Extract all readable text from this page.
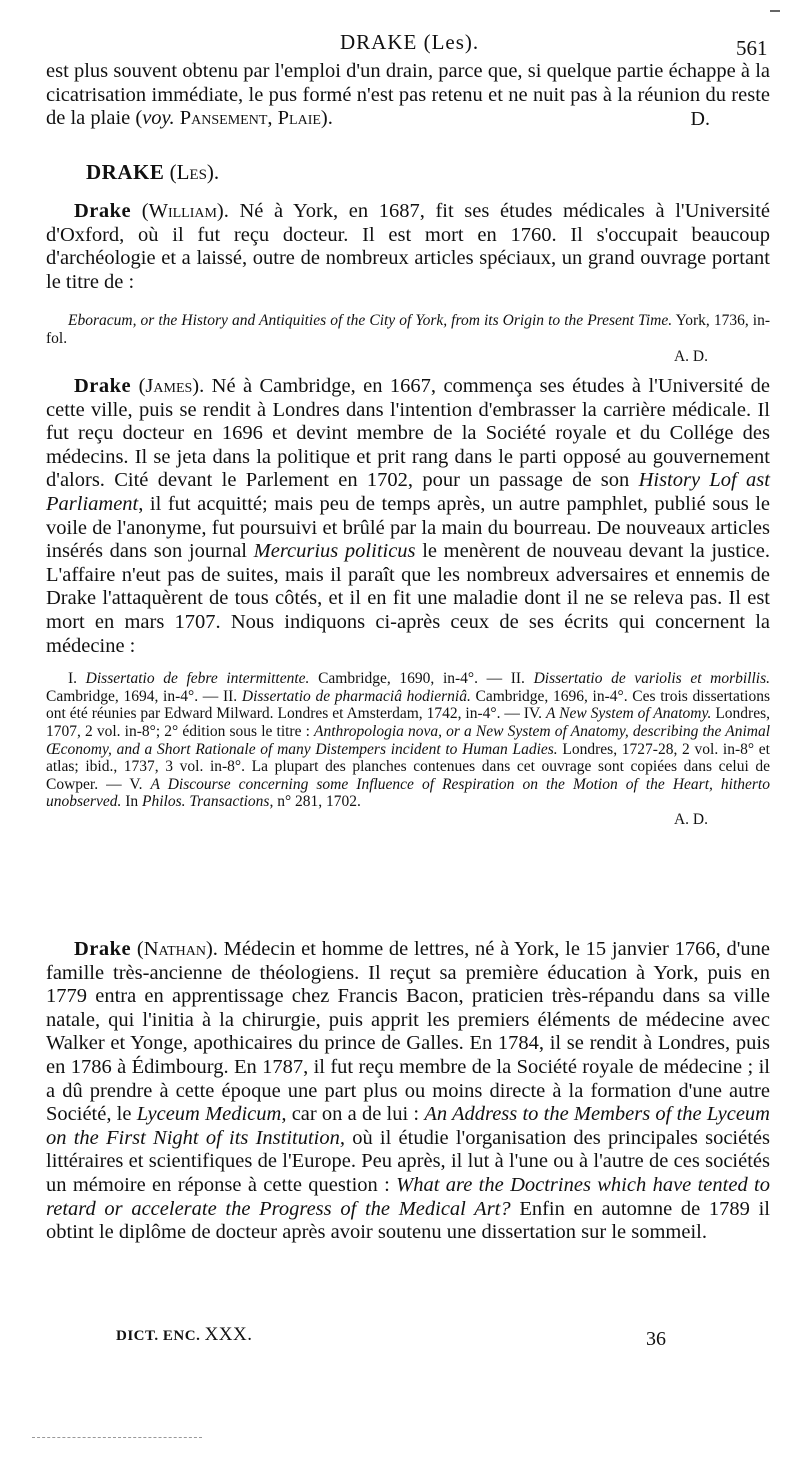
DRAKE (Les).	561

est plus souvent obtenu par l'emploi d'un drain, parce que, si quelque partie échappe à la cicatrisation immédiate, le pus formé n'est pas retenu et ne nuit pas à la réunion du reste de la plaie (voy. Pansement, Plaie).	D.

DRAKE (Les).

Drake (William). Né à York, en 1687, fit ses études médicales à l'Université d'Oxford, où il fut reçu docteur. Il est mort en 1760. Il s'occupait beaucoup d'archéologie et a laissé, outre de nombreux articles spéciaux, un grand ouvrage portant le titre de :

Eboracum, or the History and Antiquities of the City of York, from its Origin to the Present Time. York, 1736, in-fol.

A. D.

Drake (James). Né à Cambridge, en 1667, commença ses études à l'Université de cette ville, puis se rendit à Londres dans l'intention d'embrasser la carrière médicale. Il fut reçu docteur en 1696 et devint membre de la Société royale et du Collége des médecins. Il se jeta dans la politique et prit rang dans le parti opposé au gouvernement d'alors. Cité devant le Parlement en 1702, pour un passage de son History Lof ast Parliament, il fut acquitté; mais peu de temps après, un autre pamphlet, publié sous le voile de l'anonyme, fut poursuivi et brûlé par la main du bourreau. De nouveaux articles insérés dans son journal Mercurius politicus le menèrent de nouveau devant la justice. L'affaire n'eut pas de suites, mais il paraît que les nombreux adversaires et ennemis de Drake l'attaquèrent de tous côtés, et il en fit une maladie dont il ne se releva pas. Il est mort en mars 1707. Nous indiquons ci-après ceux de ses écrits qui concernent la médecine :

I. Dissertatio de febre intermittente. Cambridge, 1690, in-4°. — II. Dissertatio de variolis et morbillis. Cambridge, 1694, in-4°. — II. Dissertatio de pharmaciâ hodierniâ. Cambridge, 1696, in-4°. Ces trois dissertations ont été réunies par Edward Milward. Londres et Amsterdam, 1742, in-4°. — IV. A New System of Anatomy. Londres, 1707, 2 vol. in-8°; 2° édition sous le titre : Anthropologia nova, or a New System of Anatomy, describing the Animal Œconomy, and a Short Rationale of many Distempers incident to Human Ladies. Londres, 1727-28, 2 vol. in-8° et atlas; ibid., 1737, 3 vol. in-8°. La plupart des planches contenues dans cet ouvrage sont copiées dans celui de Cowper. — V. A Discourse concerning some Influence of Respiration on the Motion of the Heart, hitherto unobserved. In Philos. Transactions, n° 281, 1702.

A. D.

Drake (Nathan). Médecin et homme de lettres, né à York, le 15 janvier 1766, d'une famille très-ancienne de théologiens. Il reçut sa première éducation à York, puis en 1779 entra en apprentissage chez Francis Bacon, praticien très-répandu dans sa ville natale, qui l'initia à la chirurgie, puis apprit les premiers éléments de médecine avec Walker et Yonge, apothicaires du prince de Galles. En 1784, il se rendit à Londres, puis en 1786 à Édimbourg. En 1787, il fut reçu membre de la Société royale de médecine ; il a dû prendre à cette époque une part plus ou moins directe à la formation d'une autre Société, le Lyceum Medicum, car on a de lui : An Address to the Members of the Lyceum on the First Night of its Institution, où il étudie l'organisation des principales sociétés littéraires et scientifiques de l'Europe. Peu après, il lut à l'une ou à l'autre de ces sociétés un mémoire en réponse à cette question : What are the Doctrines which have tented to retard or accelerate the Progress of the Medical Art? Enfin en automne de 1789 il obtint le diplôme de docteur après avoir soutenu une dissertation sur le sommeil.

DICT. ENC. XXX.	36
